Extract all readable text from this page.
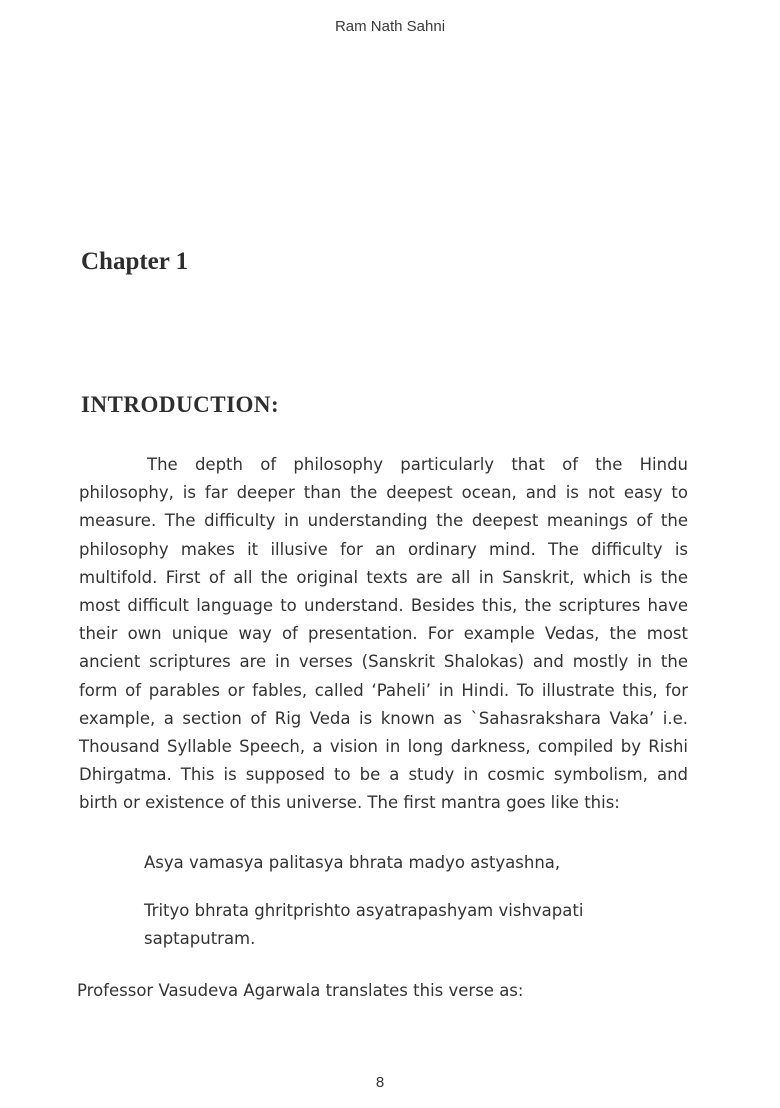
Ram Nath Sahni
Chapter 1
INTRODUCTION:

The depth of philosophy particularly that of the Hindu philosophy, is far deeper than the deepest ocean, and is not easy to measure. The difficulty in understanding the deepest meanings of the philosophy makes it illusive for an ordinary mind. The difficulty is multifold. First of all the original texts are all in Sanskrit, which is the most difficult language to understand. Besides this, the scriptures have their own unique way of presentation. For example Vedas, the most ancient scriptures are in verses (Sanskrit Shalokas) and mostly in the form of parables or fables, called ‘Paheli’ in Hindi. To illustrate this, for example, a section of Rig Veda is known as `Sahasrakshara Vaka’ i.e. Thousand Syllable Speech, a vision in long darkness, compiled by Rishi Dhirgatma. This is supposed to be a study in cosmic symbolism, and birth or existence of this universe. The first mantra goes like this:

Asya vamasya palitasya bhrata madyo astyashna,

Trityo bhrata ghritprishto asyatrapashyam vishvapati saptaputram.

Professor Vasudeva Agarwala translates this verse as:

8
